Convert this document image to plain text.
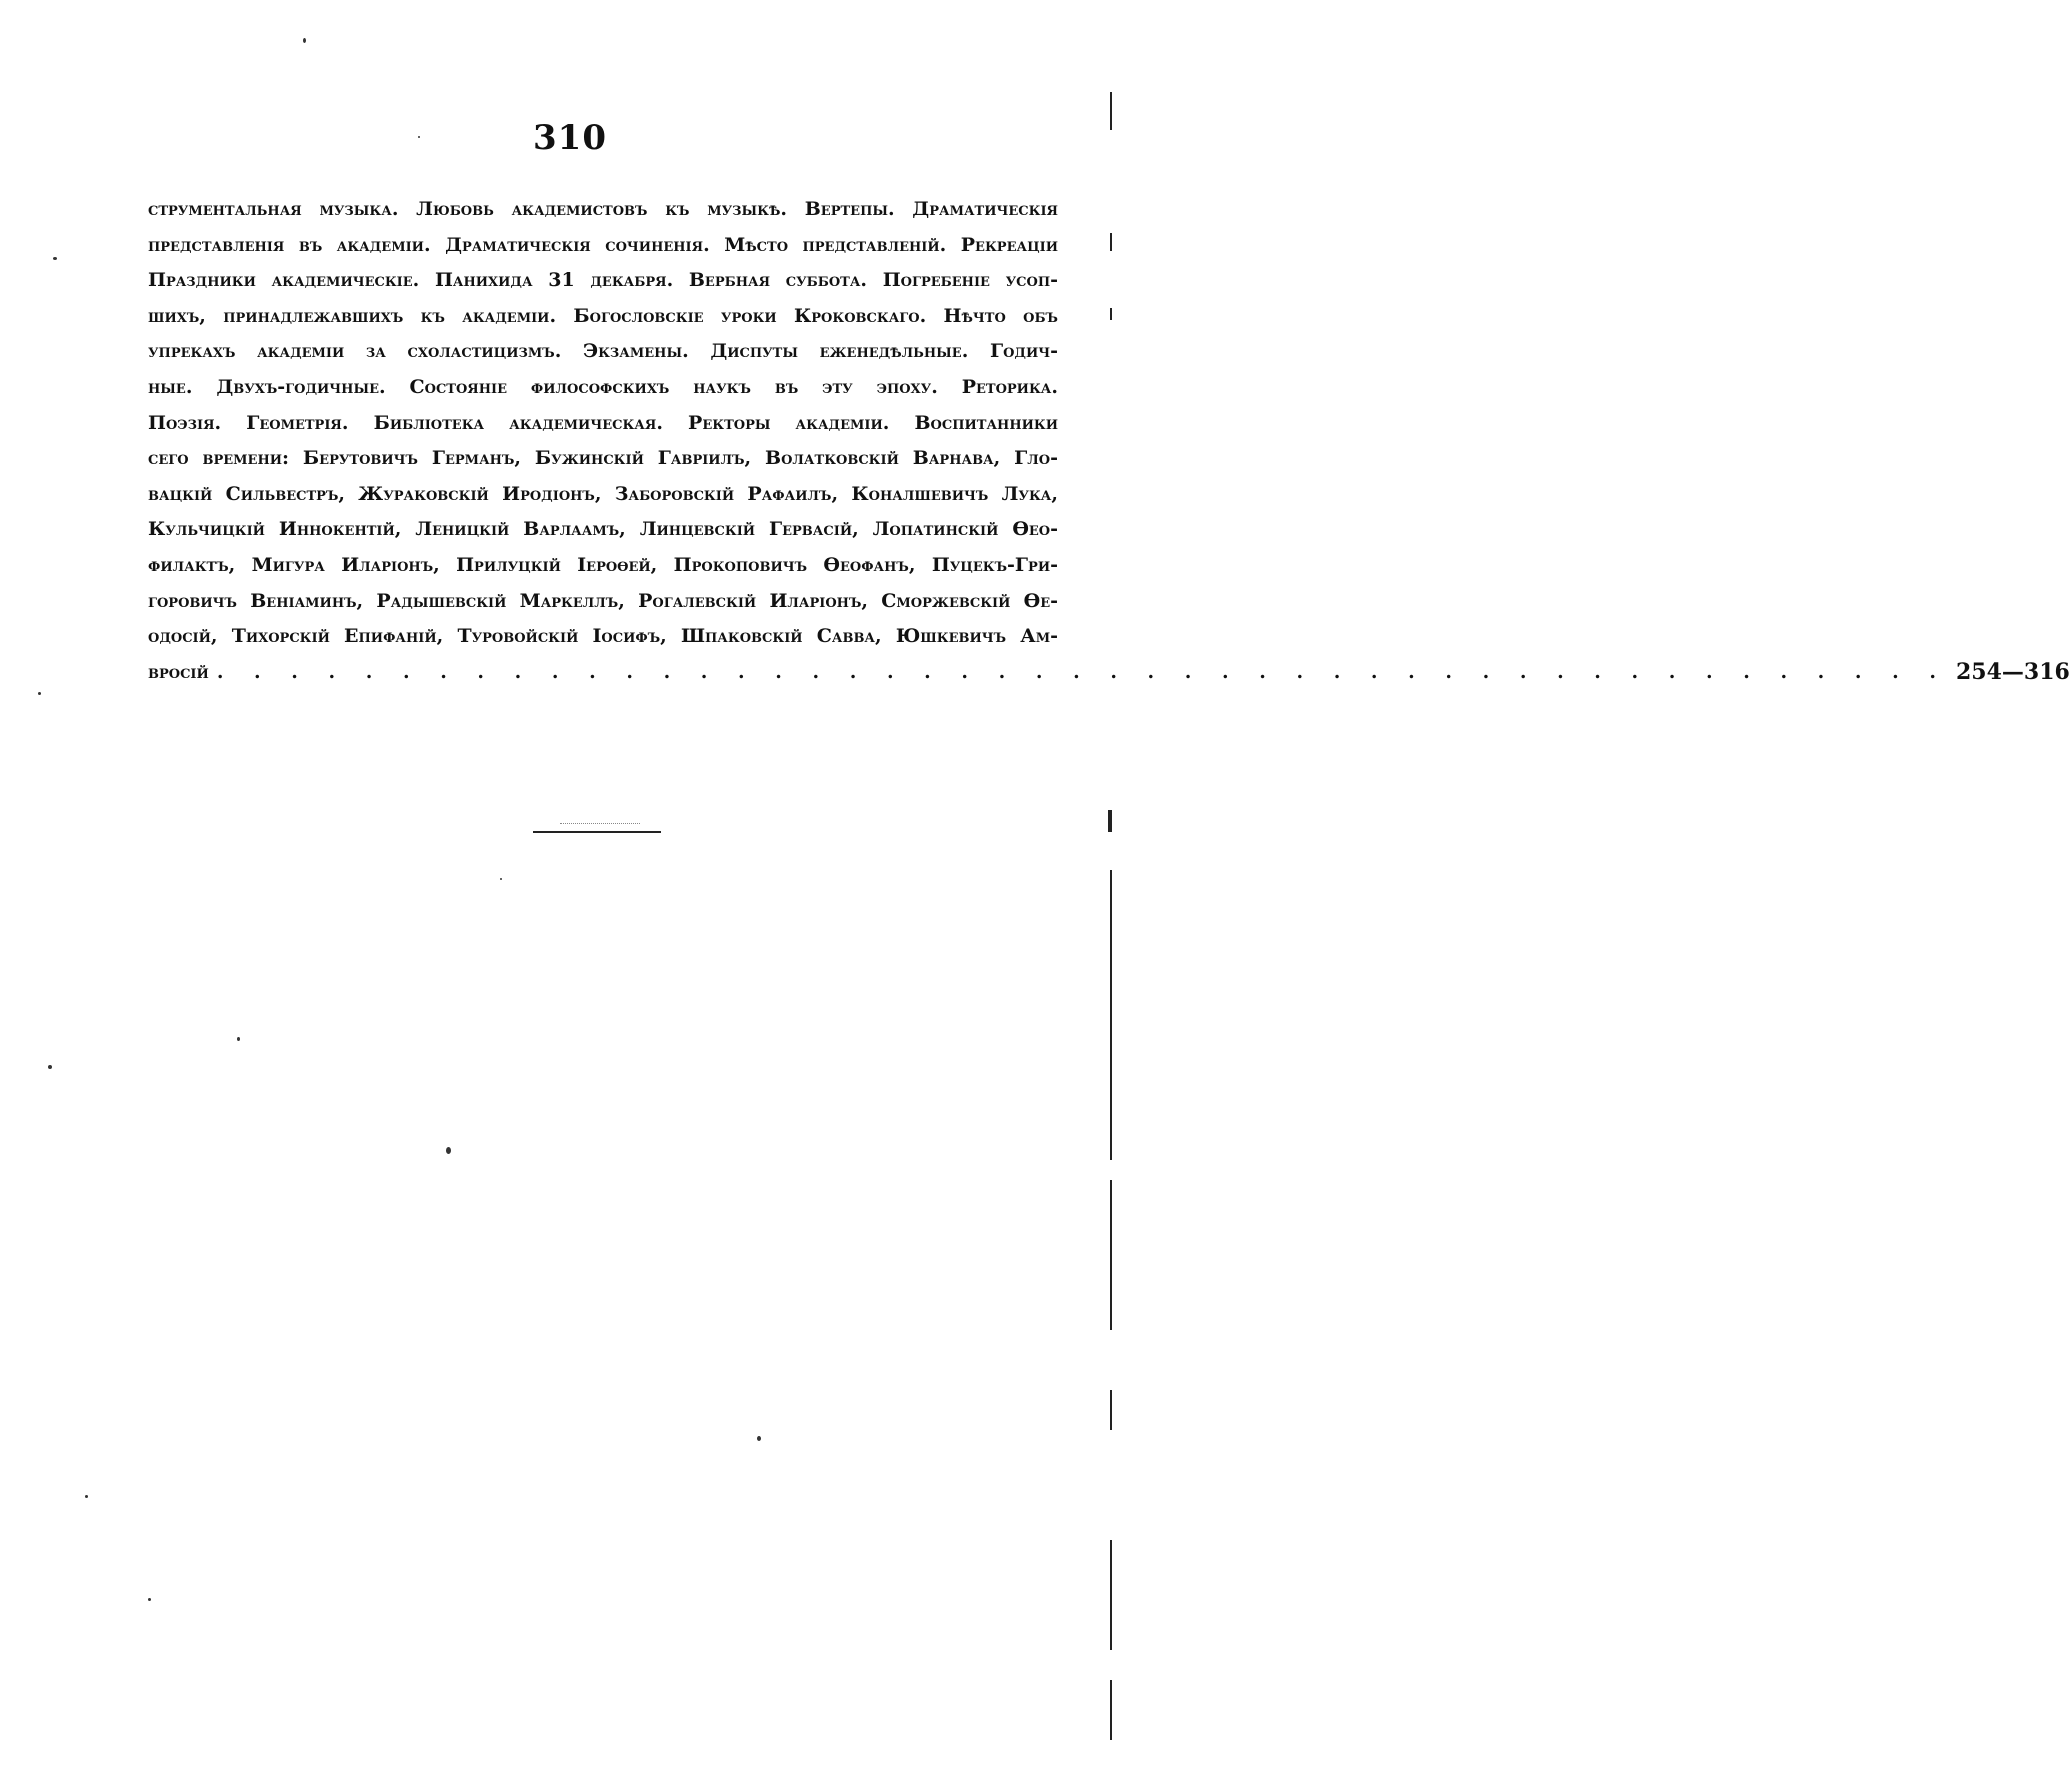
310
струментальная музыка. Любовь академистовъ къ музыкѣ. Вертепы. Драматическія
представленія въ академіи. Драматическія сочиненія. Мѣсто представленій. Рекреаціи
Праздники академическіе. Панихида 31 декабря. Вербная суббота. Погребеніе усоп-
шихъ, принадлежавшихъ къ академіи. Богословскіе уроки Кроковскаго. Нѣчто объ
упрекахъ академіи за схоластицизмъ. Экзамены. Диспуты еженедѣльные. Годич-
ные. Двухъ-годичные. Состояніе философскихъ наукъ въ эту эпоху. Реторика.
Поэзія. Геометрія. Библіотека академическая. Ректоры академіи. Воспитанники
сего времени: Берутовичъ Германъ, Бужинскій Гавріилъ, Волатковскій Варнава, Гло-
вацкій Сильвестръ, Жураковскій Иродіонъ, Заборовскій Рафаилъ, Коналшевичъ Лука,
Кульчицкій Иннокентій, Леницкій Варлаамъ, Линцевскій Гервасій, Лопатинскій Ѳео-
филактъ, Мигура Иларіонъ, Прилуцкій Іероѳей, Прокоповичъ Ѳеофанъ, Пуцекъ-Гри-
горовичъ Веніаминъ, Радышевскій Маркеллъ, Рогалевскій Иларіонъ, Сморжевскій Ѳе-
одосій, Тихорскій Епифаній, Туровойскій Іосифъ, Шпаковскій Савва, Юшкевичъ Ам-
вросій . . . . . . . . . . . . . . . . . . . . . . . . . . . . . . . . . . . . . . . . . . . . . . . 254—316
